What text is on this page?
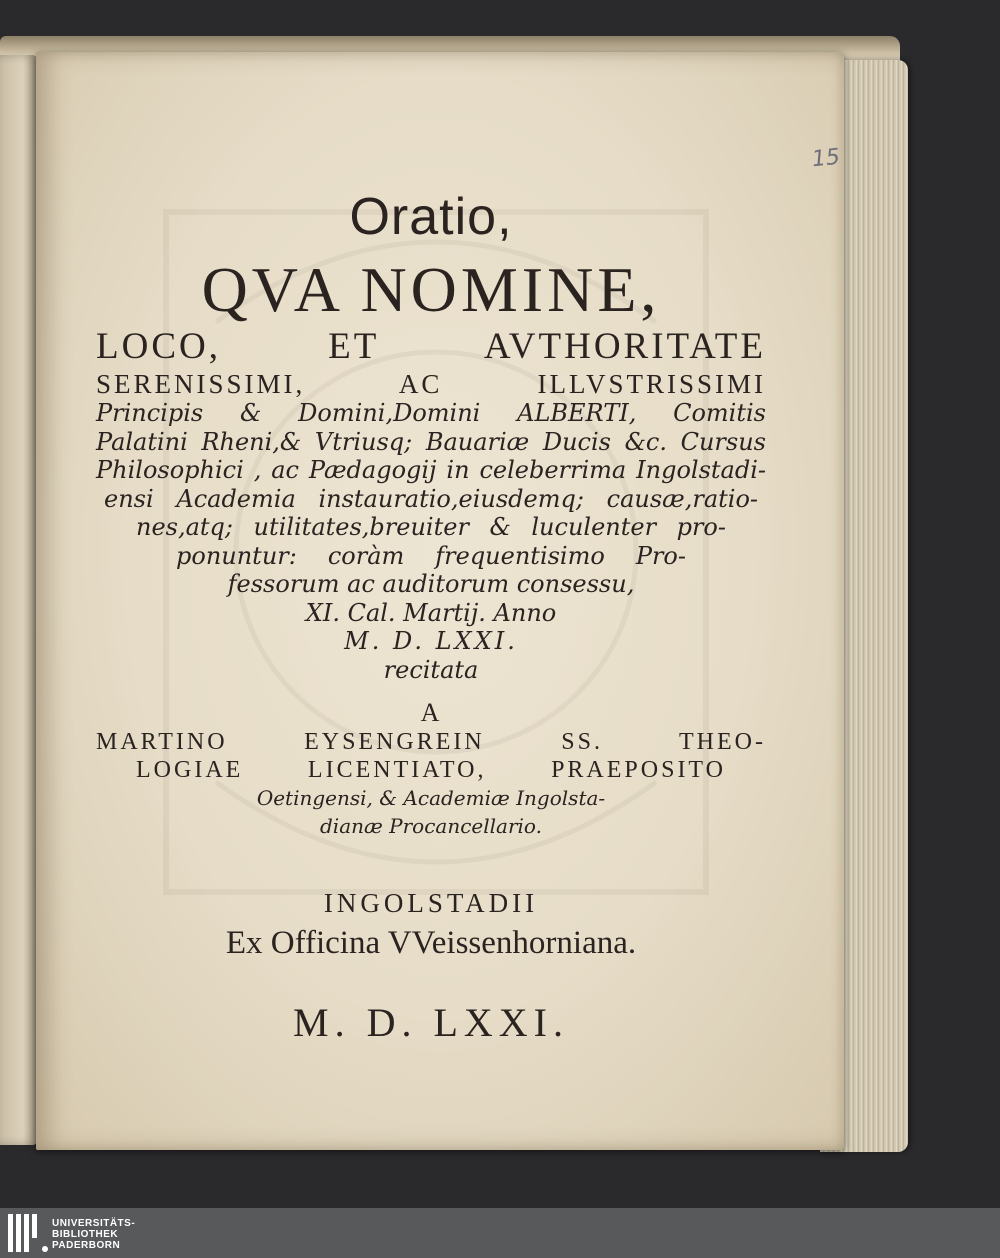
15
Oratio,
QVA NOMINE,
LOCO, ET AVTHORITATE
SERENISSIMI, AC ILLVSTRISSIMI
Principis & Domini,Domini ALBERTI, Comitis
Palatini Rheni,& Vtriusq; Bauariæ Ducis &c. Cursus
Philosophici , ac Pædagogij in celeberrima Ingolstadi-
ensi Academia instauratio,eiusdemq; causæ,ratio-
nes,atq; utilitates,breuiter & luculenter pro-
ponuntur: coràm frequentisimo Pro-
fessorum ac auditorum consessu,
XI. Cal. Martij. Anno
M. D. LXXI.
recitata
A
MARTINO EYSENGREIN SS. THEO-
LOGIAE LICENTIATO, PRAEPOSITO
Oetingensi, & Academiæ Ingolsta-
dianæ Procancellario.
INGOLSTADII
Ex Officina VVeissenhorniana.
M. D. LXXI.
UNIVERSITÄTS-
BIBLIOTHEK
PADERBORN
